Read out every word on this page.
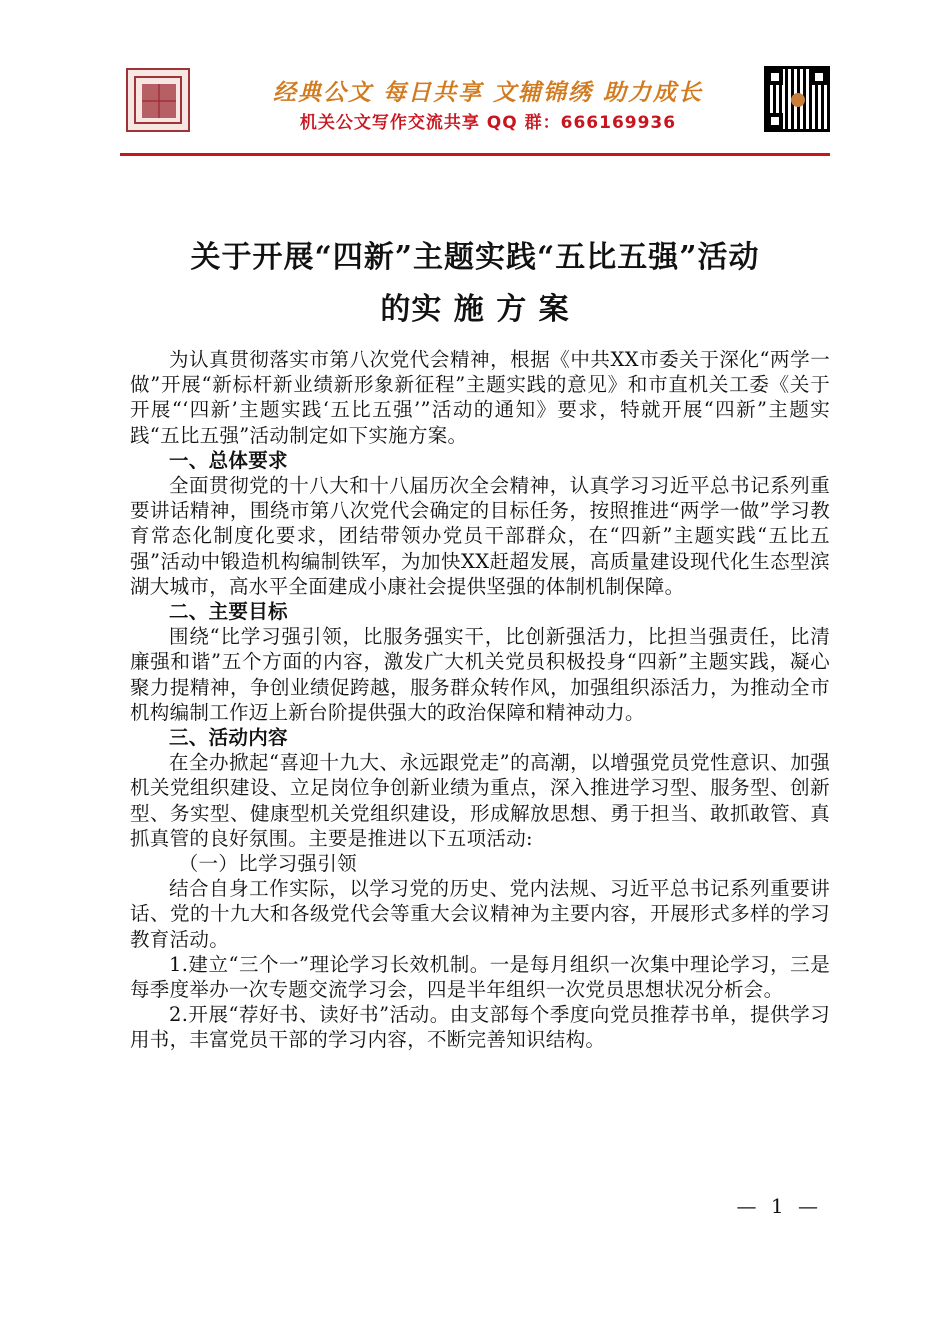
经典公文 每日共享 文辅锦绣 助力成长
机关公文写作交流共享 QQ 群：666169936
关于开展“四新”主题实践“五比五强”活动
的实 施 方 案

为认真贯彻落实市第八次党代会精神，根据《中共XX市委关于深化“两学一做”开展“新标杆新业绩新形象新征程”主题实践的意见》和市直机关工委《关于开展“‘四新’主题实践‘五比五强’”活动的通知》要求，特就开展“四新”主题实践“五比五强”活动制定如下实施方案。

一、总体要求

全面贯彻党的十八大和十八届历次全会精神，认真学习习近平总书记系列重要讲话精神，围绕市第八次党代会确定的目标任务，按照推进“两学一做”学习教育常态化制度化要求，团结带领办党员干部群众，在“四新”主题实践“五比五强”活动中锻造机构编制铁军，为加快XX赶超发展，高质量建设现代化生态型滨湖大城市，高水平全面建成小康社会提供坚强的体制机制保障。

二、主要目标

围绕“比学习强引领，比服务强实干，比创新强活力，比担当强责任，比清廉强和谐”五个方面的内容，激发广大机关党员积极投身“四新”主题实践，凝心聚力提精神，争创业绩促跨越，服务群众转作风，加强组织添活力，为推动全市机构编制工作迈上新台阶提供强大的政治保障和精神动力。

三、活动内容

在全办掀起“喜迎十九大、永远跟党走”的高潮，以增强党员党性意识、加强机关党组织建设、立足岗位争创新业绩为重点，深入推进学习型、服务型、创新型、务实型、健康型机关党组织建设，形成解放思想、勇于担当、敢抓敢管、真抓真管的良好氛围。主要是推进以下五项活动:

（一）比学习强引领

结合自身工作实际，以学习党的历史、党内法规、习近平总书记系列重要讲话、党的十九大和各级党代会等重大会议精神为主要内容，开展形式多样的学习教育活动。

1.建立“三个一”理论学习长效机制。一是每月组织一次集中理论学习，三是每季度举办一次专题交流学习会，四是半年组织一次党员思想状况分析会。

2.开展“荐好书、读好书”活动。由支部每个季度向党员推荐书单，提供学习用书，丰富党员干部的学习内容，不断完善知识结构。

— 1 —
